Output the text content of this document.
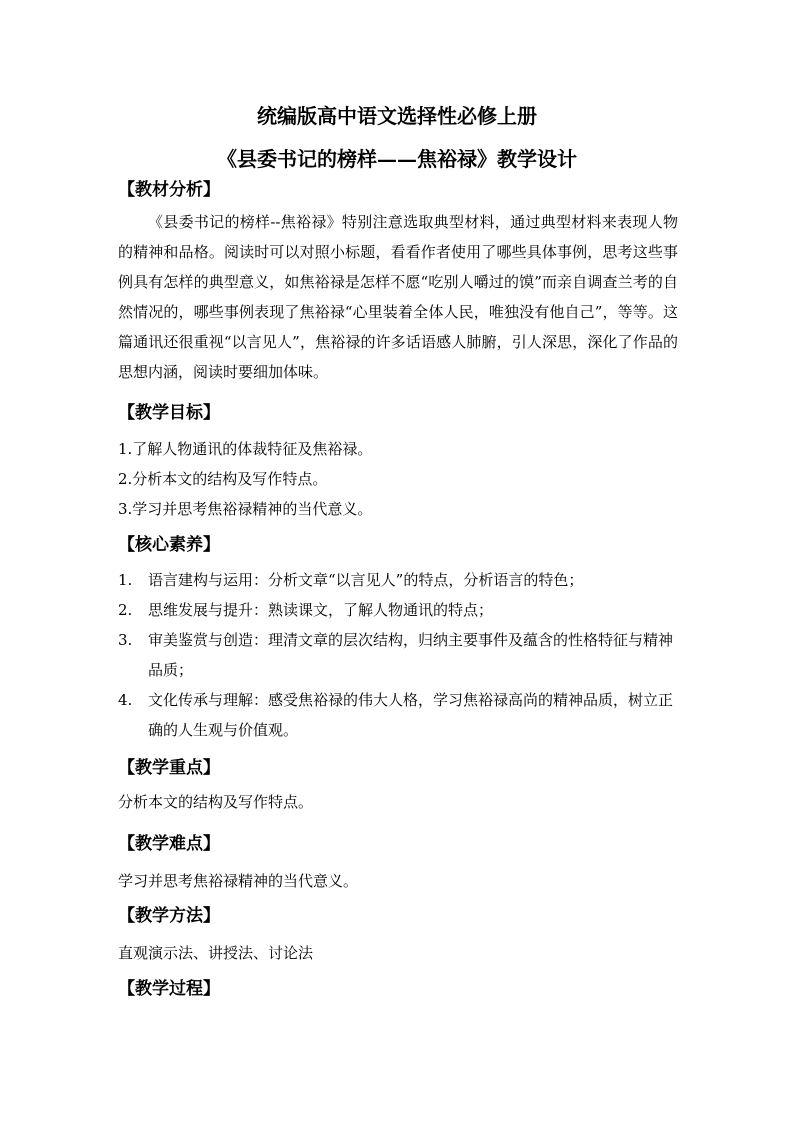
统编版高中语文选择性必修上册
《县委书记的榜样——焦裕禄》教学设计
【教材分析】

《县委书记的榜样--焦裕禄》特别注意选取典型材料，通过典型材料来表现人物的精神和品格。阅读时可以对照小标题，看看作者使用了哪些具体事例，思考这些事例具有怎样的典型意义，如焦裕禄是怎样不愿“吃别人嚼过的馍”而亲自调查兰考的自然情况的，哪些事例表现了焦裕禄“心里装着全体人民，唯独没有他自己”，等等。这篇通讯还很重视“以言见人”，焦裕禄的许多话语感人肺腑，引人深思，深化了作品的思想内涵，阅读时要细加体味。

【教学目标】

1.了解人物通讯的体裁特征及焦裕禄。

2.分析本文的结构及写作特点。

3.学习并思考焦裕禄精神的当代意义。

【核心素养】
1. 语言建构与运用：分析文章“以言见人”的特点，分析语言的特色；
2. 思维发展与提升：熟读课文，了解人物通讯的特点；
3. 审美鉴赏与创造：理清文章的层次结构，归纳主要事件及蕴含的性格特征与精神品质；
4. 文化传承与理解：感受焦裕禄的伟大人格，学习焦裕禄高尚的精神品质，树立正确的人生观与价值观。
【教学重点】

分析本文的结构及写作特点。

【教学难点】

学习并思考焦裕禄精神的当代意义。

【教学方法】

直观演示法、讲授法、讨论法

【教学过程】
